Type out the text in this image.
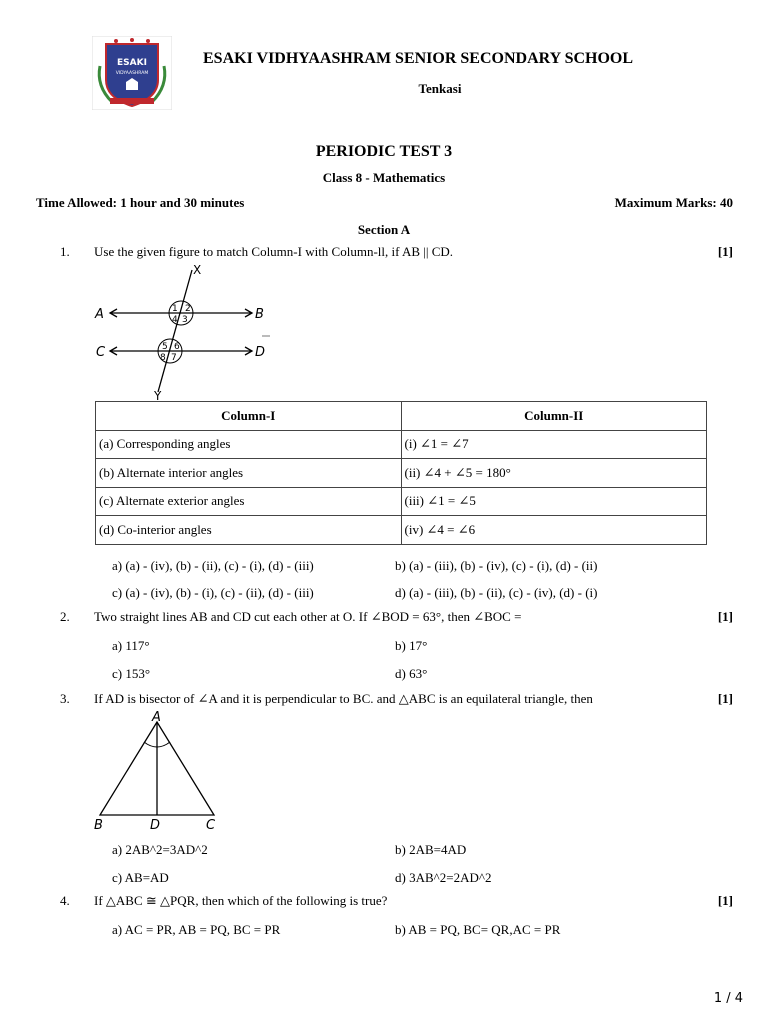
ESAKI
VIDYAASHRAM
ESAKI VIDHYAASHRAM SENIOR SECONDARY SCHOOL
Tenkasi
PERIODIC TEST 3
Class 8 - Mathematics
Time Allowed: 1 hour and 30 minutes	Maximum Marks: 40
Section A
1. Use the given figure to match Column-I with Column-ll, if AB || CD.	[1]
X
Y
A	B
C	D
1 2
3
4
5 6
7
8
Column-I	Column-II
(a) Corresponding angles	(i) ∠1 = ∠7
(b) Alternate interior angles	(ii) ∠4 + ∠5 = 180°
(c) Alternate exterior angles	(iii) ∠1 = ∠5
(d) Co-interior angles	(iv) ∠4 = ∠6
a) (a) - (iv), (b) - (ii), (c) - (i), (d) - (iii)	b) (a) - (iii), (b) - (iv), (c) - (i), (d) - (ii)
c) (a) - (iv), (b) - (i), (c) - (ii), (d) - (iii)	d) (a) - (iii), (b) - (ii), (c) - (iv), (d) - (i)
2. Two straight lines AB and CD cut each other at O. If ∠BOD = 63°, then ∠BOC =	[1]
a) 117°	b) 17°
c) 153°	d) 63°
3. If AD is bisector of ∠A and it is perpendicular to BC. and △ABC is an equilateral triangle, then	[1]
A
B	C
D
a) 2AB^2=3AD^2	b) 2AB=4AD
c) AB=AD	d) 3AB^2=2AD^2
4. If △ABC ≅ △PQR, then which of the following is true?	[1]
a) AC = PR, AB = PQ, BC = PR	b) AB = PQ, BC= QR,AC = PR
1 / 4
